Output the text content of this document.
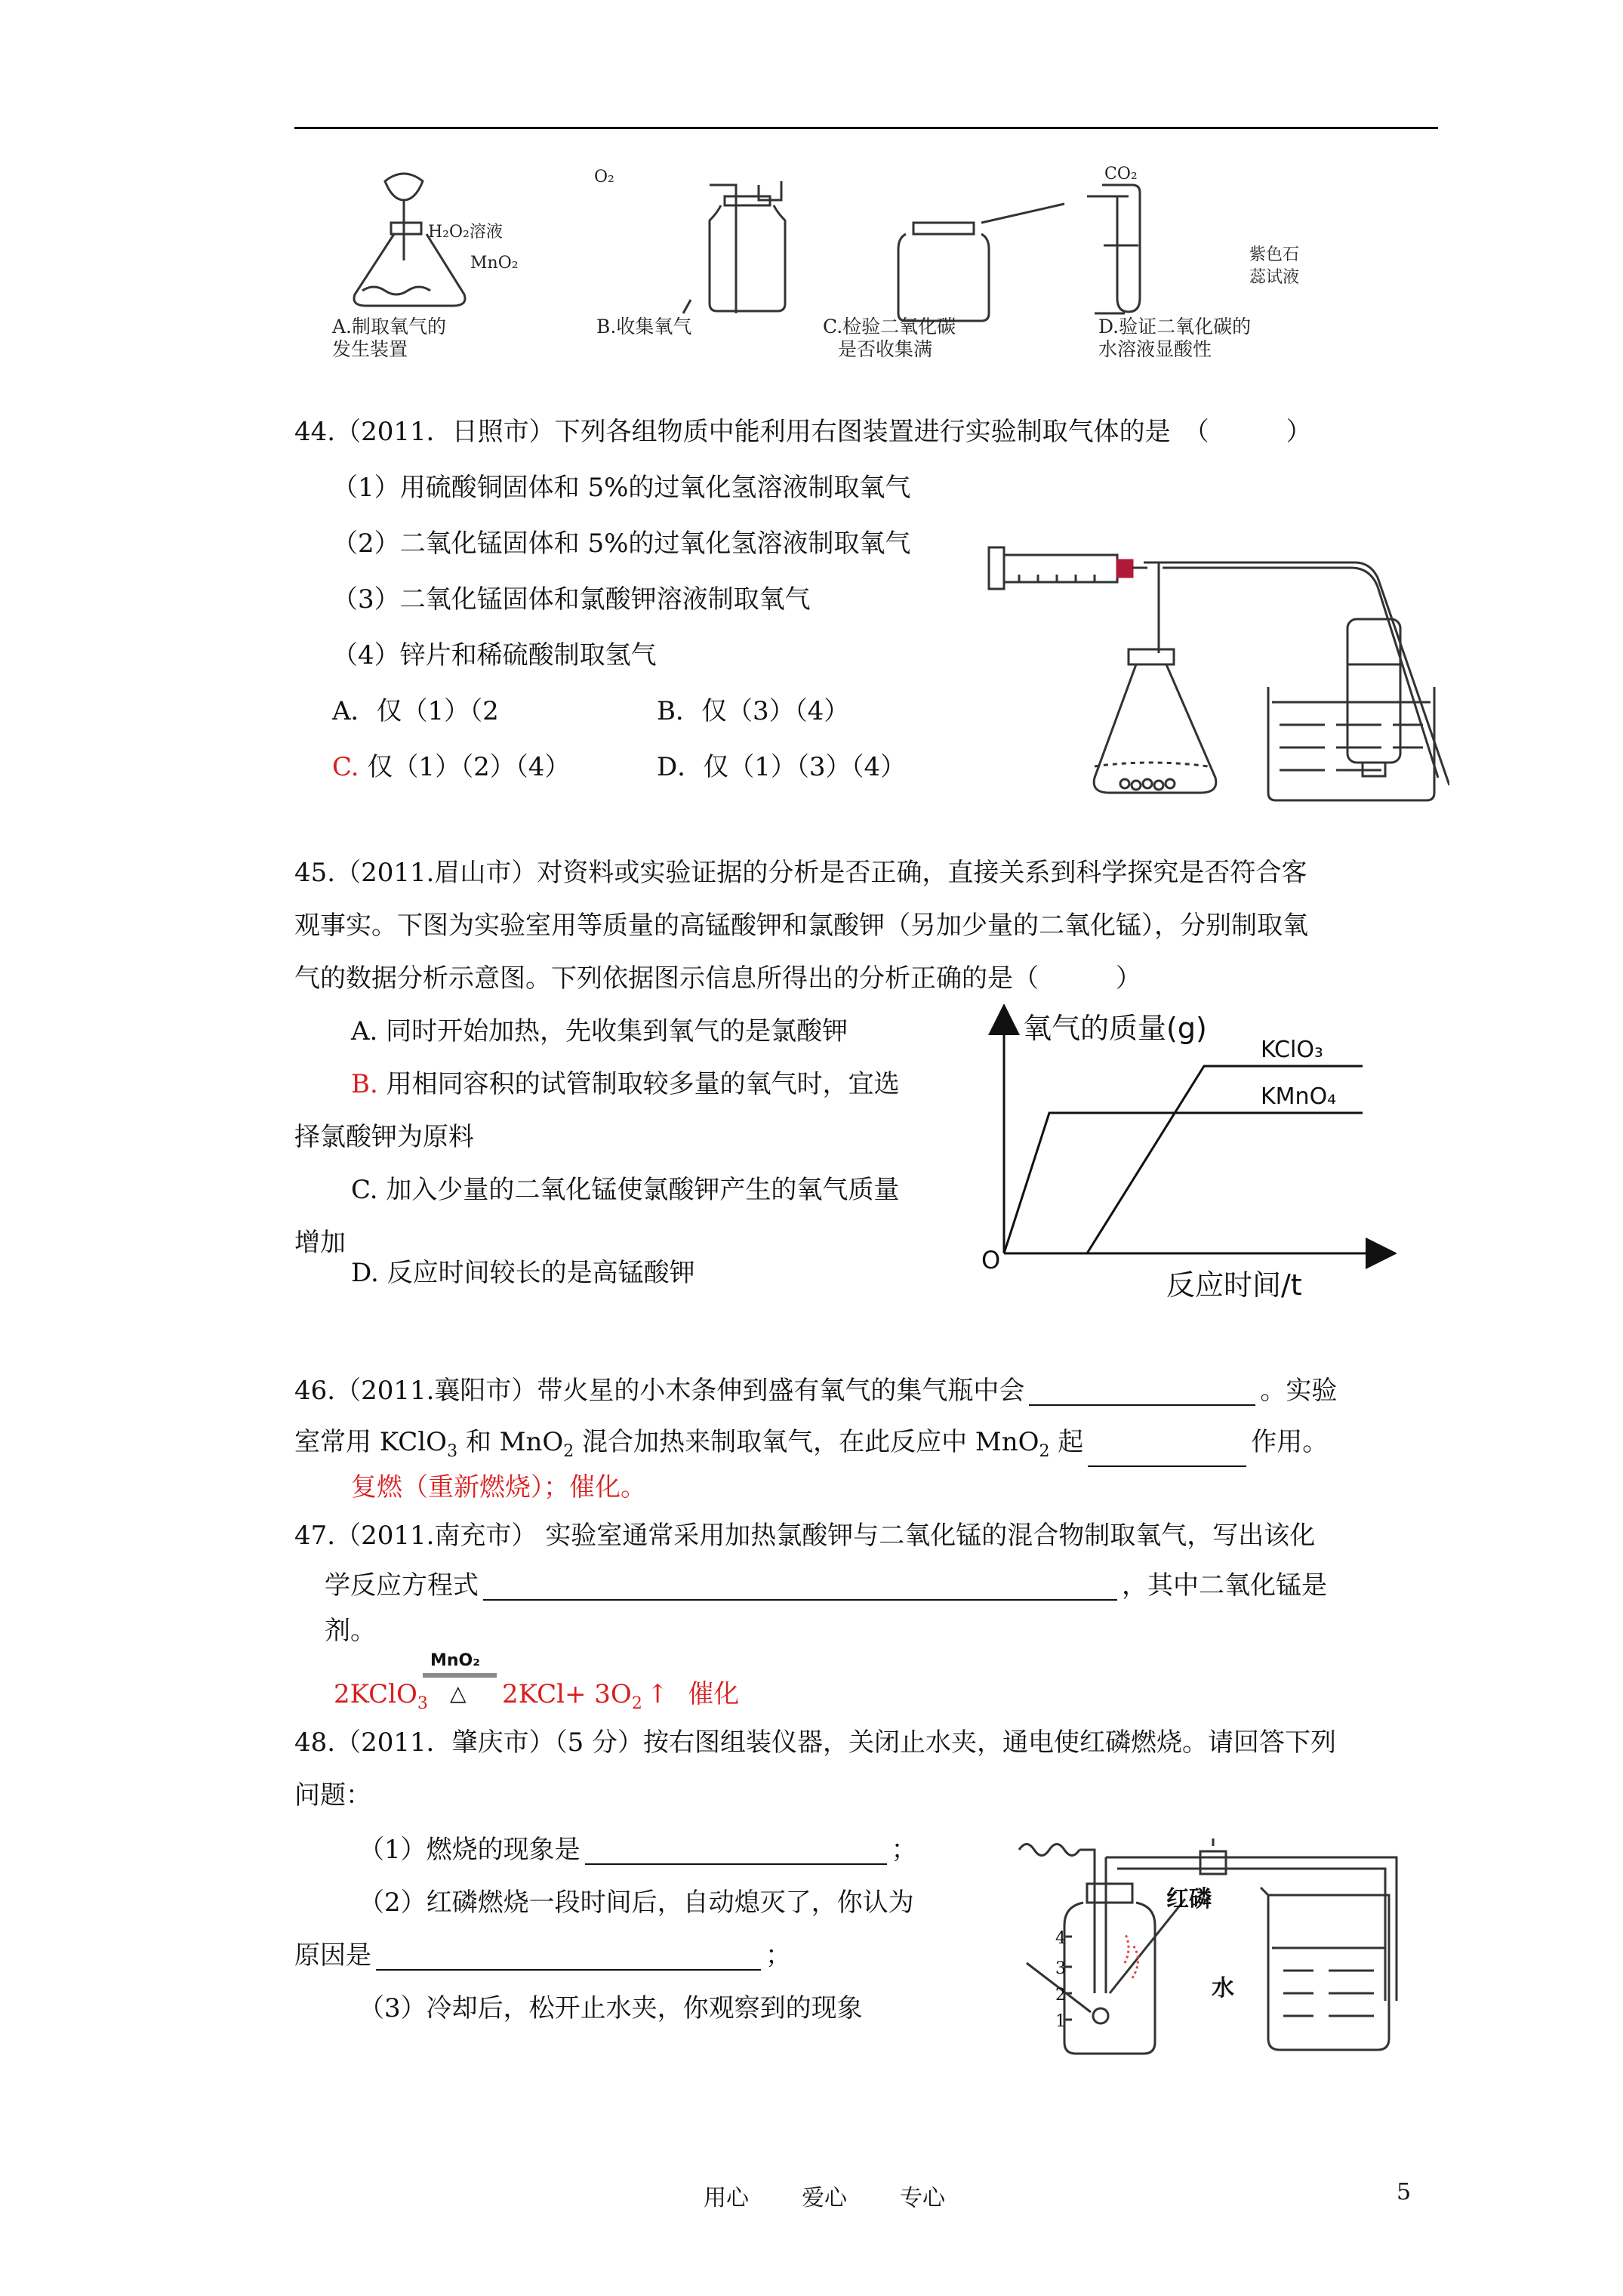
H₂O₂溶液
MnO₂
O₂	CO₂
紫色石
蕊试液
A.制取氧气的
发生装置
B.收集氧气	C.检验二氧化碳
是否收集满
D.验证二氧化碳的
水溶液显酸性
44.（2011．日照市）下列各组物质中能利用右图装置进行实验制取气体的是　（　　　）
（1）用硫酸铜固体和 5%的过氧化氢溶液制取氧气
（2）二氧化锰固体和 5%的过氧化氢溶液制取氧气
（3）二氧化锰固体和氯酸钾溶液制取氧气
（4）锌片和稀硫酸制取氢气
A．仅（1）（2	B．仅（3）（4）
C. 仅（1）（2）（4）	D．仅（1）（3）（4）
45.（2011.眉山市）对资料或实验证据的分析是否正确，直接关系到科学探究是否符合客
观事实。下图为实验室用等质量的高锰酸钾和氯酸钾（另加少量的二氧化锰），分别制取氧
气的数据分析示意图。下列依据图示信息所得出的分析正确的是（　　　）
A. 同时开始加热，先收集到氧气的是氯酸钾
B. 用相同容积的试管制取较多量的氧气时，宜选
择氯酸钾为原料
C. 加入少量的二氧化锰使氯酸钾产生的氧气质量
增加
D. 反应时间较长的是高锰酸钾
氧气的质量(g)
反应时间/t
O
KClO₃
KMnO₄
46.（2011.襄阳市）带火星的小木条伸到盛有氧气的集气瓶中会	。实验
室常用 KClO$_3$ 和 MnO$_2$ 混合加热来制取氧气，在此反应中 MnO$_2$ 起	作用。
复燃（重新燃烧）；催化。
47.（2011.南充市） 实验室通常采用加热氯酸钾与二氧化锰的混合物制取氧气，写出该化
学反应方程式	，其中二氧化锰是
剂。
MnO₂
△
2KClO$_3$	$2KCl+ 3O_2$ ↑ 催化
48.（2011．肇庆市）（5 分）按右图组装仪器，关闭止水夹，通电使红磷燃烧。请回答下列
问题：
（1）燃烧的现象是	；
（2）红磷燃烧一段时间后，自动熄灭了，你认为
原因是	；
（3）冷却后，松开止水夹，你观察到的现象
4
3
2
1
红磷
水
用心 爱心 专心	5
